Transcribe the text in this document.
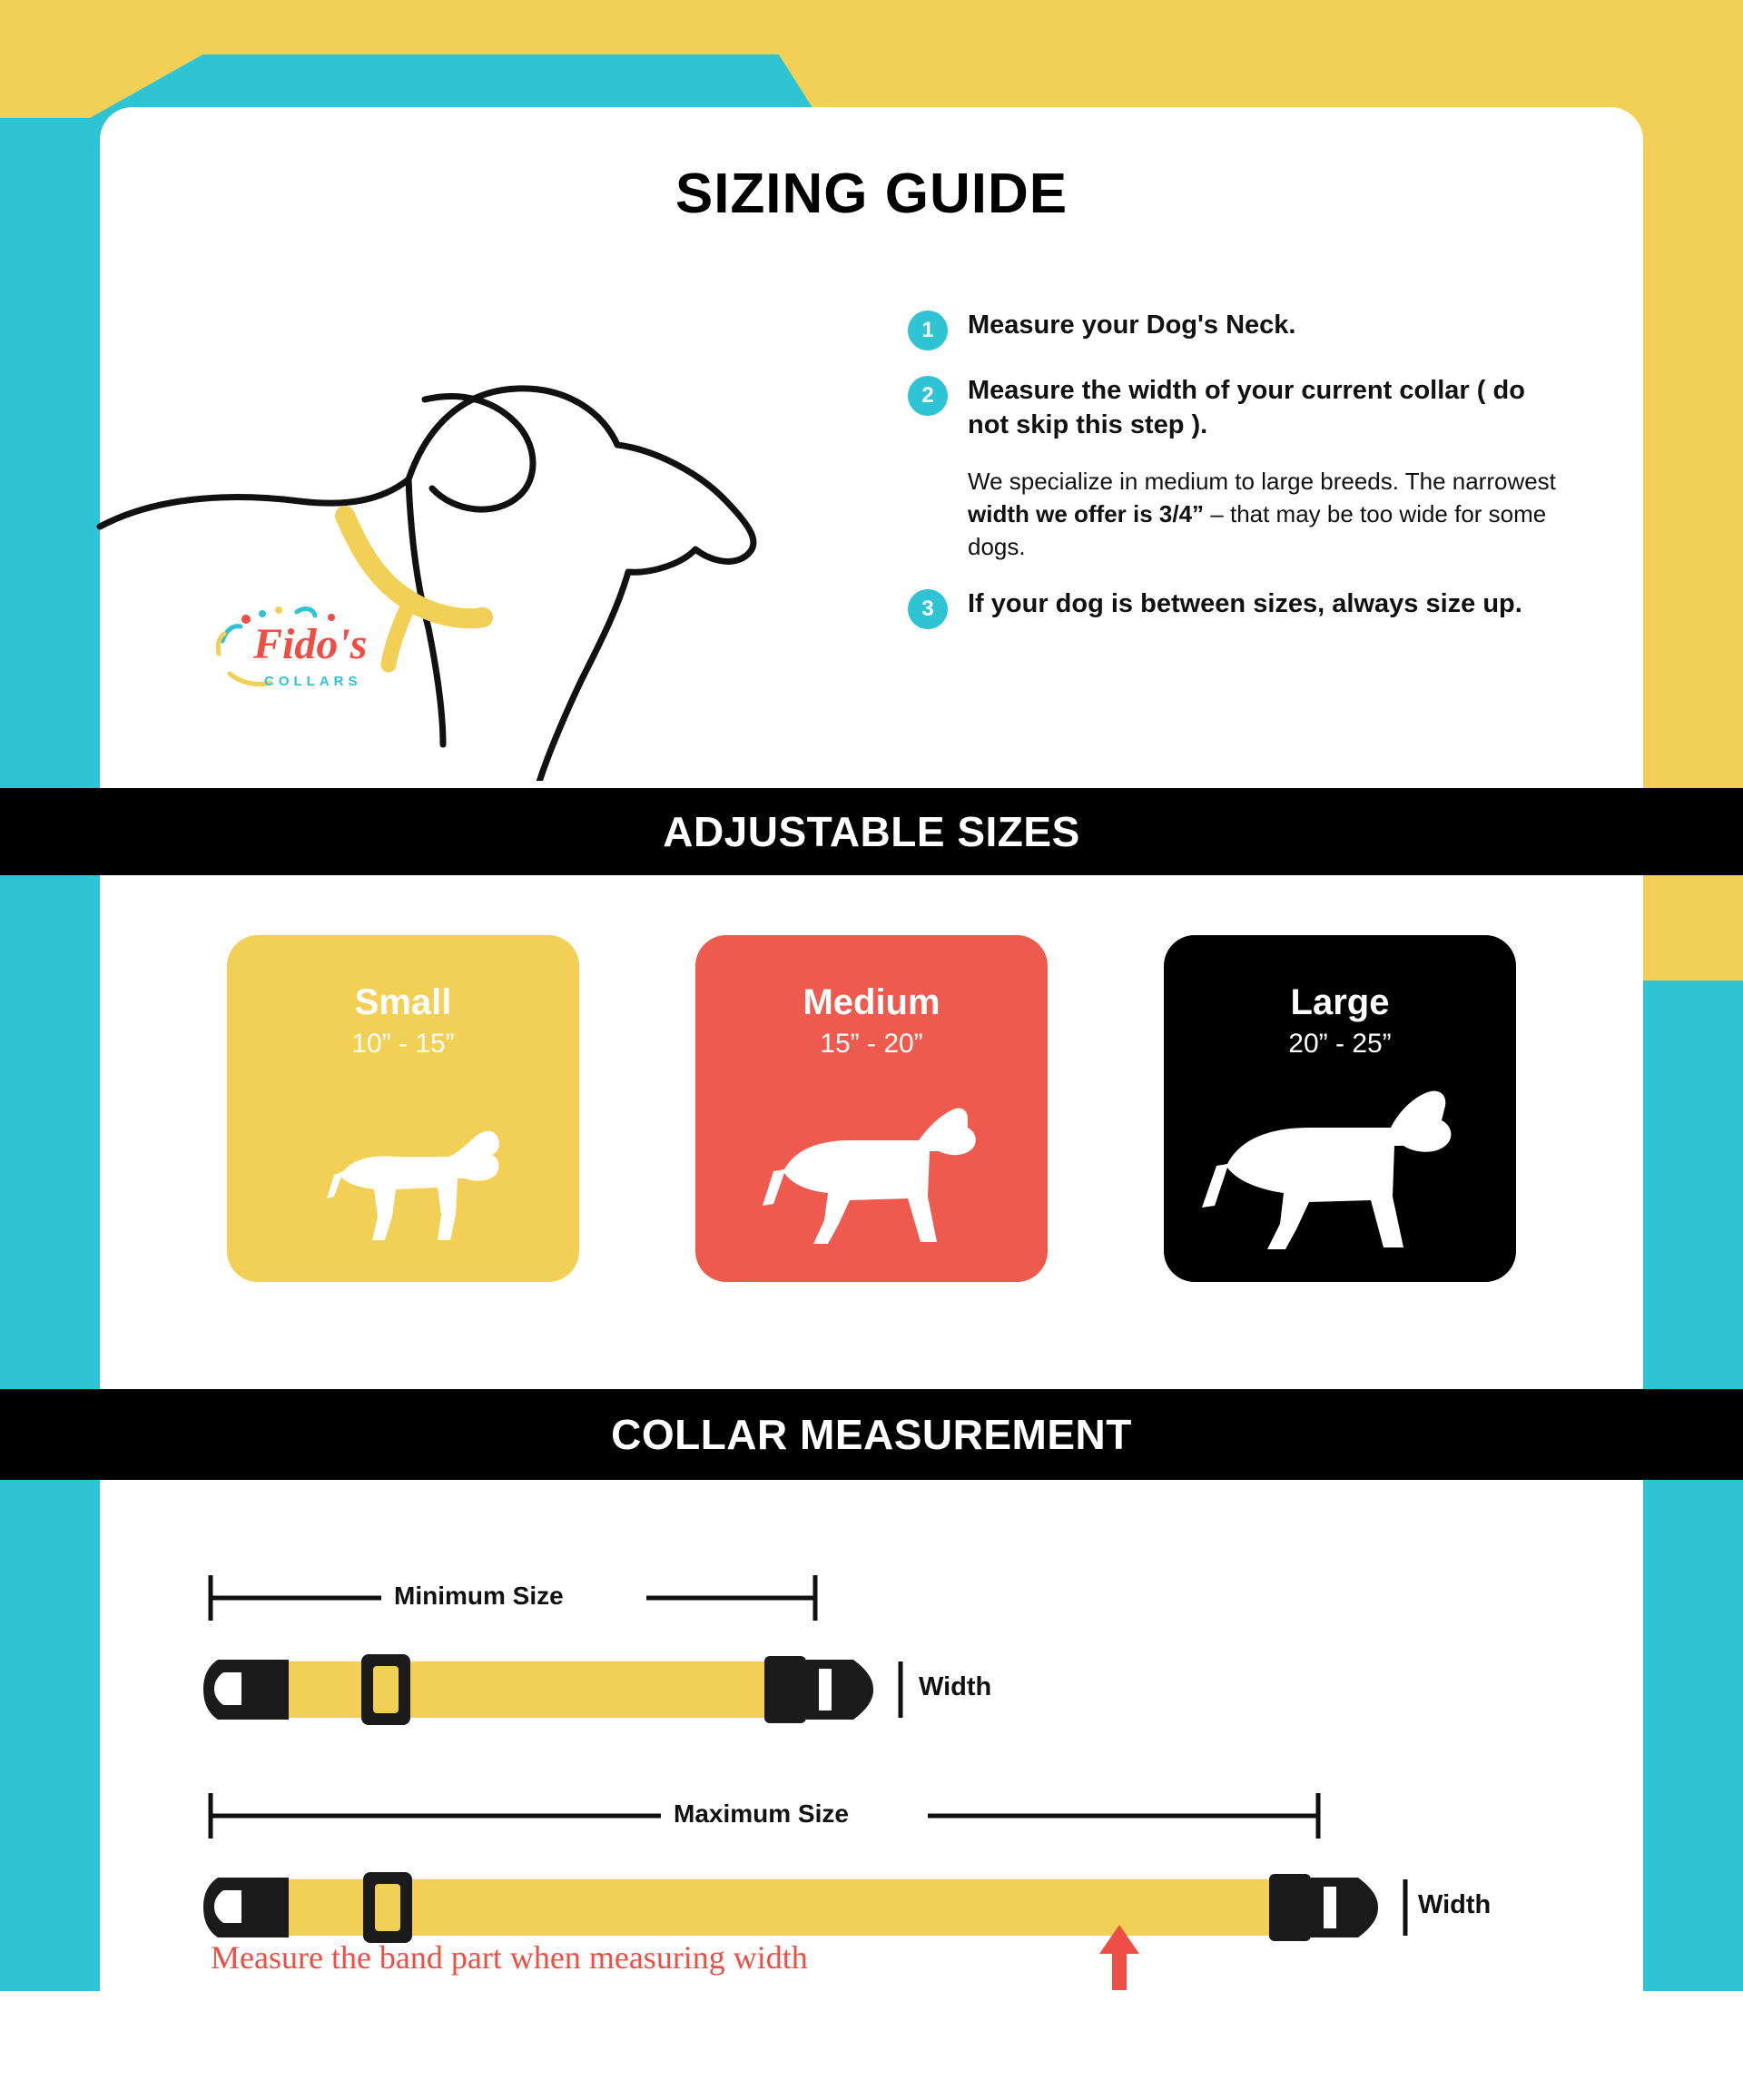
SIZING GUIDE
Fido's
COLLARS
1	Measure your Dog's Neck.
2	Measure the width of your current collar ( do not skip this step ).
We specialize in medium to large breeds. The narrowest width we offer is 3/4” – that may be too wide for some dogs.
3	If your dog is between sizes, always size up.
ADJUSTABLE SIZES
Small
10” - 15”
Medium
15” - 20”
Large
20” - 25”
COLLAR MEASUREMENT
Minimum Size
Width
Maximum Size
Width
Measure the band part when measuring width
